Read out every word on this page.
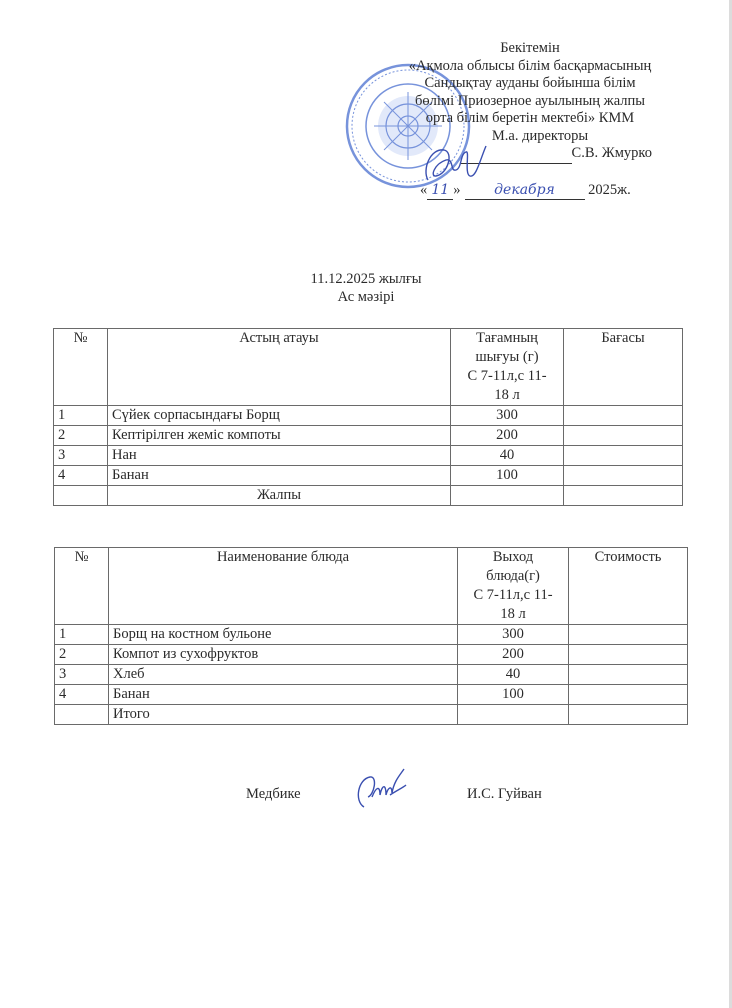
Бекітемін
«Ақмола облысы білім басқармасының
Сандықтау ауданы бойынша білім
бөлімі Приозерное ауылының жалпы
орта білім беретін мектебі» КММ
М.а. директоры
С.В. Жмурко
« 11 » декабря 2025ж.
11.12.2025 жылғы
Ас мәзірі
№	Астың атауы	Тағамның
шығуы (г)
С 7-11л,с 11-
18 л	Бағасы
1	Сүйек сорпасындағы Борщ	300	
2	Кептірілген жеміс компоты	200	
3	Нан	40	
4	Банан	100	
	Жалпы		
№	Наименование блюда	Выход
блюда(г)
С 7-11л,с 11-
18 л	Стоимость
1	Борщ на костном бульоне	300	
2	Компот из сухофруктов	200	
3	Хлеб	40	
4	Банан	100	
	Итого		
Медбике	И.С. Гуйван
